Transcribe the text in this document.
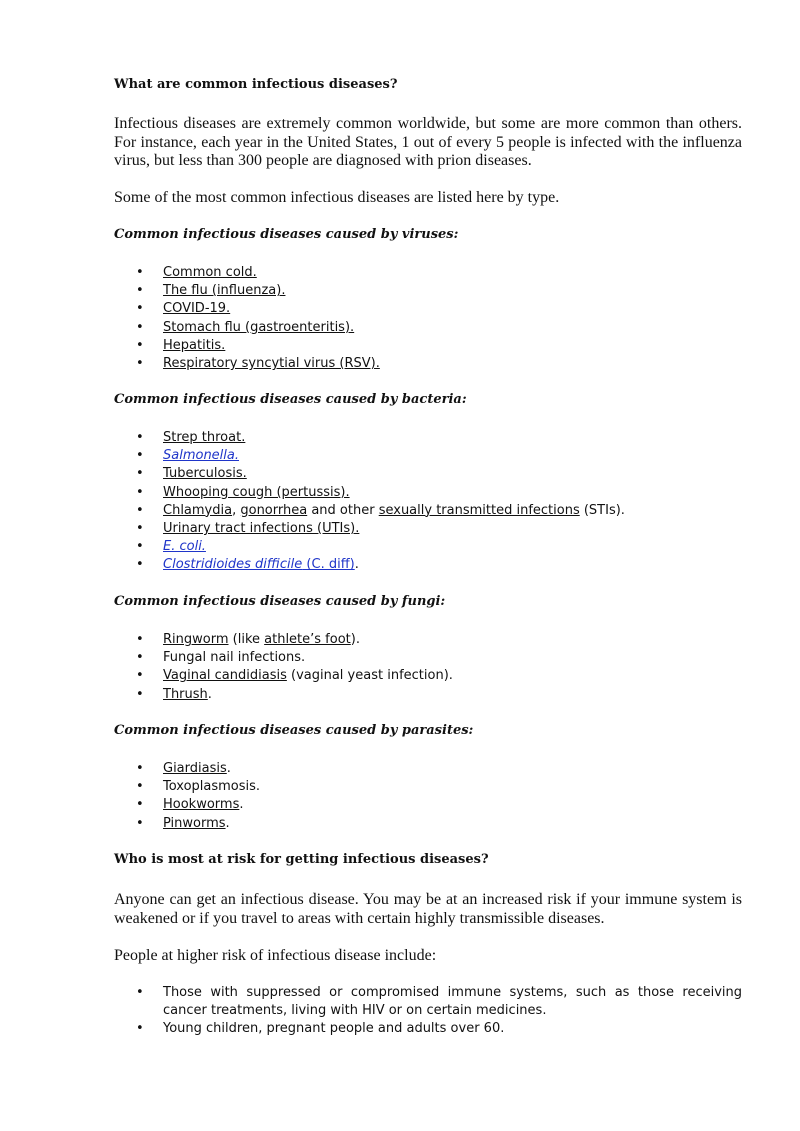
What are common infectious diseases?

Infectious diseases are extremely common worldwide, but some are more common than others. For instance, each year in the United States, 1 out of every 5 people is infected with the influenza virus, but less than 300 people are diagnosed with prion diseases.

Some of the most common infectious diseases are listed here by type.

Common infectious diseases caused by viruses:
• Common cold.
• The flu (influenza).
• COVID-19.
• Stomach flu (gastroenteritis).
• Hepatitis.
• Respiratory syncytial virus (RSV).
Common infectious diseases caused by bacteria:
• Strep throat.
• Salmonella.
• Tuberculosis.
• Whooping cough (pertussis).
• Chlamydia, gonorrhea and other sexually transmitted infections (STIs).
• Urinary tract infections (UTIs).
• E. coli.
• Clostridioides difficile (C. diff).
Common infectious diseases caused by fungi:
• Ringworm (like athlete’s foot).
• Fungal nail infections.
• Vaginal candidiasis (vaginal yeast infection).
• Thrush.
Common infectious diseases caused by parasites:
• Giardiasis.
• Toxoplasmosis.
• Hookworms.
• Pinworms.
Who is most at risk for getting infectious diseases?

Anyone can get an infectious disease. You may be at an increased risk if your immune system is weakened or if you travel to areas with certain highly transmissible diseases.

People at higher risk of infectious disease include:

• Those with suppressed or compromised immune systems, such as those receiving cancer treatments, living with HIV or on certain medicines.
• Young children, pregnant people and adults over 60.
